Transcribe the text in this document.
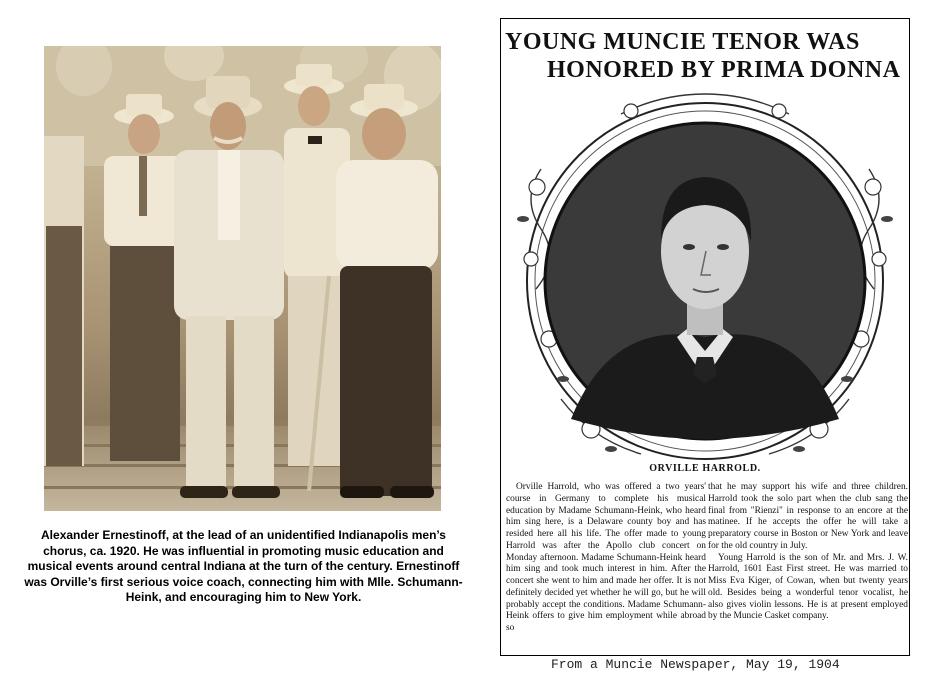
Alexander Ernestinoff, at the lead of an unidentified Indianapolis men’s chorus, ca. 1920. He was influential in promoting music education and musical events around central Indiana at the turn of the century. Ernestinoff was Orville’s first serious voice coach, connecting him with Mlle. Schumann-Heink, and encouraging him to New York.
YOUNG MUNCIE TENOR WAS
HONORED BY PRIMA DONNA
ORVILLE HARROLD.

Orville Harrold, who was offered a two years' course in Germany to complete his musical education by Madame Schumann-Heink, who heard him sing here, is a Delaware county boy and has resided here all his life. The offer made to young Harrold was after the Apollo club concert on Monday afternoon. Madame Schumann-Heink heard him sing and took much interest in him. After the concert she went to him and made her offer. It is not definitely decided yet whether he will go, but he will probably accept the conditions. Madame Schumann-Heink offers to give him employment while abroad so

that he may support his wife and three children. Harrold took the solo part when the club sang the final from "Rienzi" in response to an encore at the matinee. If he accepts the offer he will take a preparatory course in Boston or New York and leave for the old country in July.

Young Harrold is the son of Mr. and Mrs. J. W. Harrold, 1601 East First street. He was married to Miss Eva Kiger, of Cowan, when but twenty years old. Besides being a wonderful tenor vocalist, he also gives violin lessons. He is at present employed by the Muncie Casket company.

From a Muncie Newspaper, May 19, 1904
